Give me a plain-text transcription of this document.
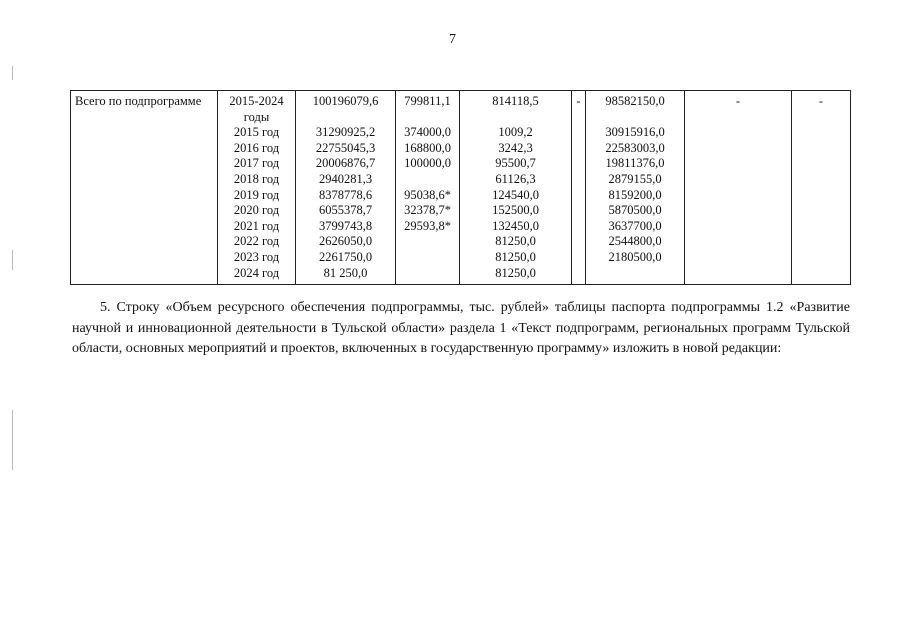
7
Всего по подпрограмме	2015-2024	100196079,6	799811,1	814118,5	-	98582150,0	-	-
	годы							
	2015 год	31290925,2	374000,0	1009,2		30915916,0		
	2016 год	22755045,3	168800,0	3242,3		22583003,0		
	2017 год	20006876,7	100000,0	95500,7		19811376,0		
	2018 год	2940281,3		61126,3		2879155,0		
	2019 год	8378778,6	95038,6*	124540,0		8159200,0		
	2020 год	6055378,7	32378,7*	152500,0		5870500,0		
	2021 год	3799743,8	29593,8*	132450,0		3637700,0		
	2022 год	2626050,0		81250,0		2544800,0		
	2023 год	2261750,0		81250,0		2180500,0		
	2024 год	81 250,0		81250,0				
5. Строку «Объем ресурсного обеспечения подпрограммы, тыс. рублей» таблицы паспорта подпрограммы 1.2 «Развитие научной и инновационной деятельности в Тульской области» раздела 1 «Текст подпрограмм, региональных программ Тульской области, основных мероприятий и проектов, включенных в государственную программу» изложить в новой редакции:
